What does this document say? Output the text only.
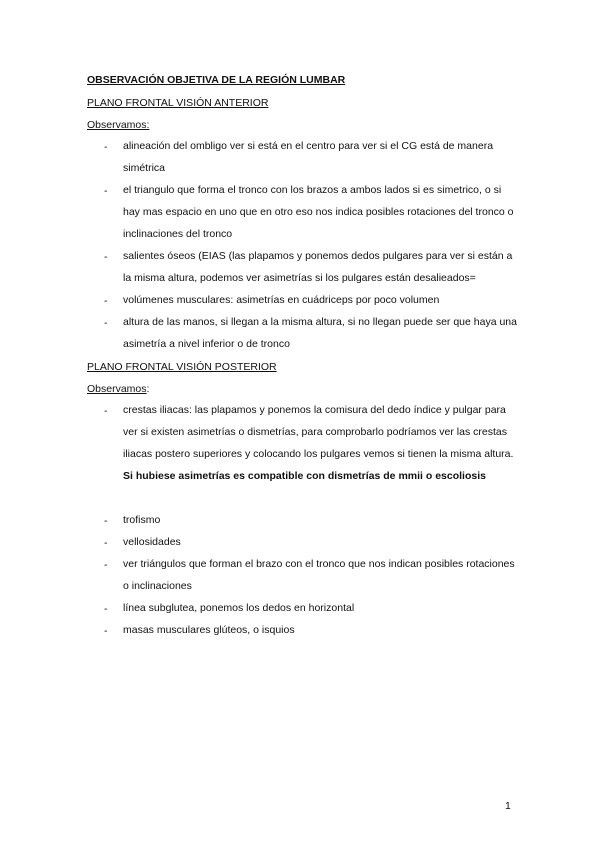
OBSERVACIÓN OBJETIVA DE LA REGIÓN LUMBAR
PLANO FRONTAL VISIÓN ANTERIOR
Observamos:
- alineación del ombligo ver si está en el centro para ver si el CG está de manera simétrica
- el triangulo que forma el tronco con los brazos a ambos lados si es simetrico, o si hay mas espacio en uno que en otro eso nos indica posibles rotaciones del tronco o inclinaciones del tronco
- salientes óseos (EIAS (las plapamos y ponemos dedos pulgares para ver si están a la misma altura, podemos ver asimetrías si los pulgares están desalieados=
- volúmenes musculares: asimetrías en cuádriceps por poco volumen
- altura de las manos, si llegan a la misma altura, si no llegan puede ser que haya una asimetría a nivel inferior o de tronco
PLANO FRONTAL VISIÓN POSTERIOR
Observamos:
- crestas iliacas: las plapamos y ponemos la comisura del dedo índice y pulgar para ver si existen asimetrías o dismetrías, para comprobarlo podríamos ver las crestas iliacas postero superiores y colocando los pulgares vemos si tienen la misma altura. Si hubiese asimetrías es compatible con dismetrías de mmii o escoliosis
- trofismo
- vellosidades
- ver triángulos que forman el brazo con el tronco que nos indican posibles rotaciones o inclinaciones
- línea subglutea, ponemos los dedos en horizontal
- masas musculares glúteos, o isquios
1
